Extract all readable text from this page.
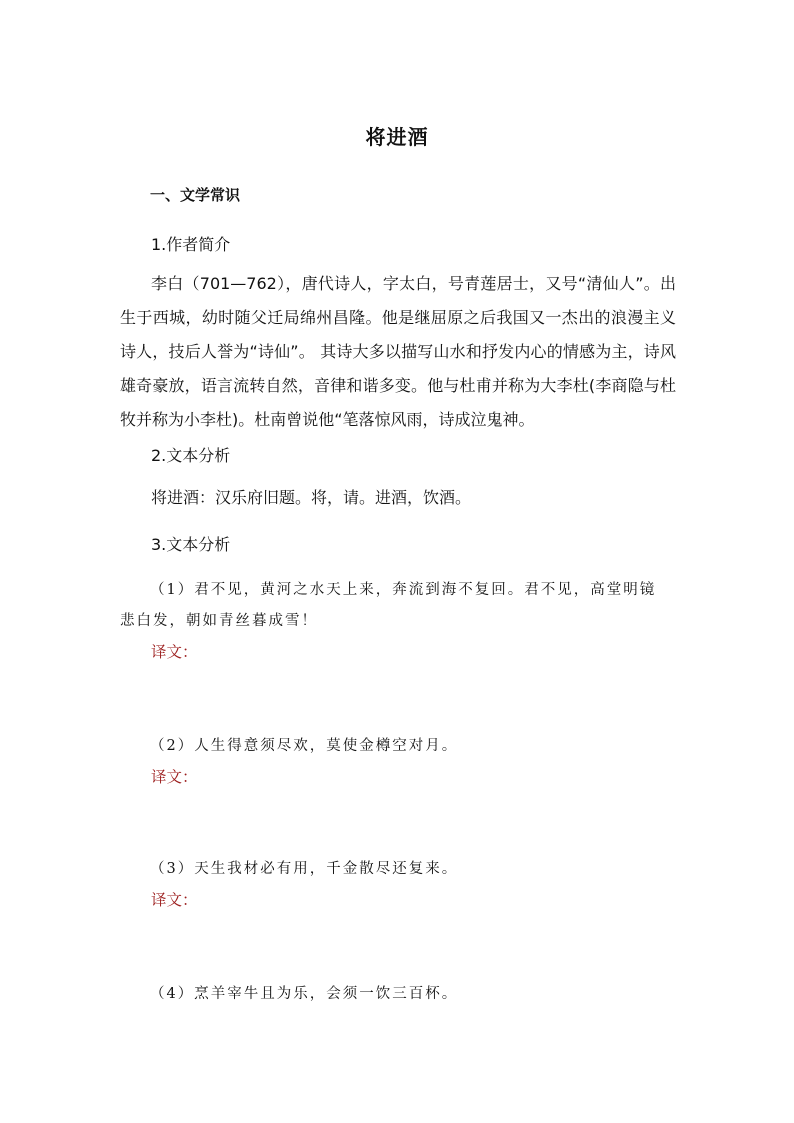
将进酒
一、文学常识
1.作者简介

李白（701—762），唐代诗人，字太白，号青莲居士，又号“清仙人”。出生于西城，幼时随父迁局绵州昌隆。他是继屈原之后我国又一杰出的浪漫主义诗人，技后人誉为“诗仙”。 其诗大多以描写山水和抒发内心的情感为主，诗风雄奇豪放，语言流转自然，音律和谐多变。他与杜甫并称为大李杜(李商隐与杜牧并称为小李杜)。杜南曾说他“笔落惊风雨，诗成泣鬼神。

2.文本分析
将进酒：汉乐府旧题。将，请。进酒，饮酒。
3.文本分析
（1）君不见，黄河之水天上来，奔流到海不复回。君不见，高堂明镜
悲白发，朝如青丝暮成雪！
译文：
（2）人生得意须尽欢，莫使金樽空对月。
译文：
（3）天生我材必有用，千金散尽还复来。
译文：
（4）烹羊宰牛且为乐，会须一饮三百杯。
